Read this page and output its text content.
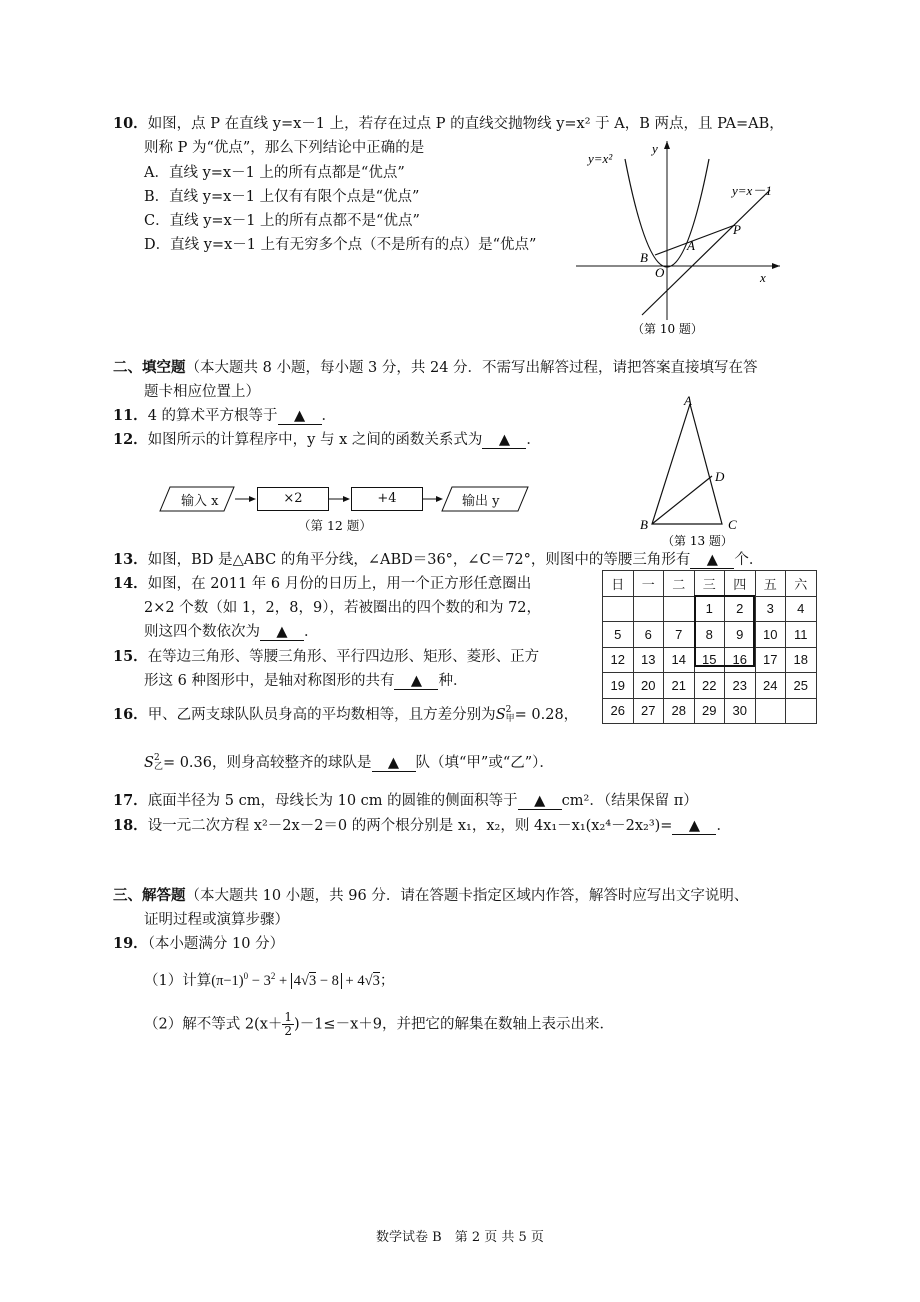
10．如图，点 P 在直线 y=x－1 上，若存在过点 P 的直线交抛物线 y=x² 于 A，B 两点，且 PA=AB，
则称 P 为“优点”，那么下列结论中正确的是
A．直线 y=x－1 上的所有点都是“优点”
B．直线 y=x－1 上仅有有限个点是“优点”
C．直线 y=x－1 上的所有点都不是“优点”
D．直线 y=x－1 上有无穷多个点（不是所有的点）是“优点”
y=x²
y=x－1
y
x
O
A
B
P
（第 10 题）
二、填空题（本大题共 8 小题，每小题 3 分，共 24 分．不需写出解答过程，请把答案直接填写在答
题卡相应位置上）
11．4 的算术平方根等于 ▲ ．
12．如图所示的计算程序中，y 与 x 之间的函数关系式为 ▲ ．
输入 x	×2	+4	输出 y
（第 12 题）
A
B	C
D
（第 13 题）
13．如图，BD 是△ABC 的角平分线，∠ABD＝36°，∠C＝72°，则图中的等腰三角形有 ▲ 个．
14．如图，在 2011 年 6 月份的日历上，用一个正方形任意圈出
2×2 个数（如 1，2，8，9），若被圈出的四个数的和为 72，
则这四个数依次为 ▲ ．
日	一	二	三	四	五	六
			1	2	3	4
5	6	7	8	9	10	11
12	13	14	15	16	17	18
19	20	21	22	23	24	25
26	27	28	29	30		
15．在等边三角形、等腰三角形、平行四边形、矩形、菱形、正方
形这 6 种图形中，是轴对称图形的共有 ▲ 种．
16．甲、乙两支球队队员身高的平均数相等，且方差分别为S 2
甲 = 0.28，
S 2
乙 = 0.36，则身高较整齐的球队是 ▲ 队（填“甲”或“乙”）．
17．底面半径为 5 cm，母线长为 10 cm 的圆锥的侧面积等于 ▲ cm²．（结果保留 π）
18．设一元二次方程 x²－2x－2＝0 的两个根分别是 x₁，x₂，则 4x₁－x₁(x₂⁴－2x₂³)= ▲ ．
三、解答题（本大题共 10 小题，共 96 分．请在答题卡指定区域内作答，解答时应写出文字说明、
证明过程或演算步骤）
19．（本小题满分 10 分）
（1）计算$(\pi-1)^0 - 3^2 + 4√3 - 8 + 4√3$；
（2）解不等式 $2(x+ \frac{1}{2} )-1\le-x+9$，并把它的解集在数轴上表示出来．
数学试卷 B　第 2 页 共 5 页
